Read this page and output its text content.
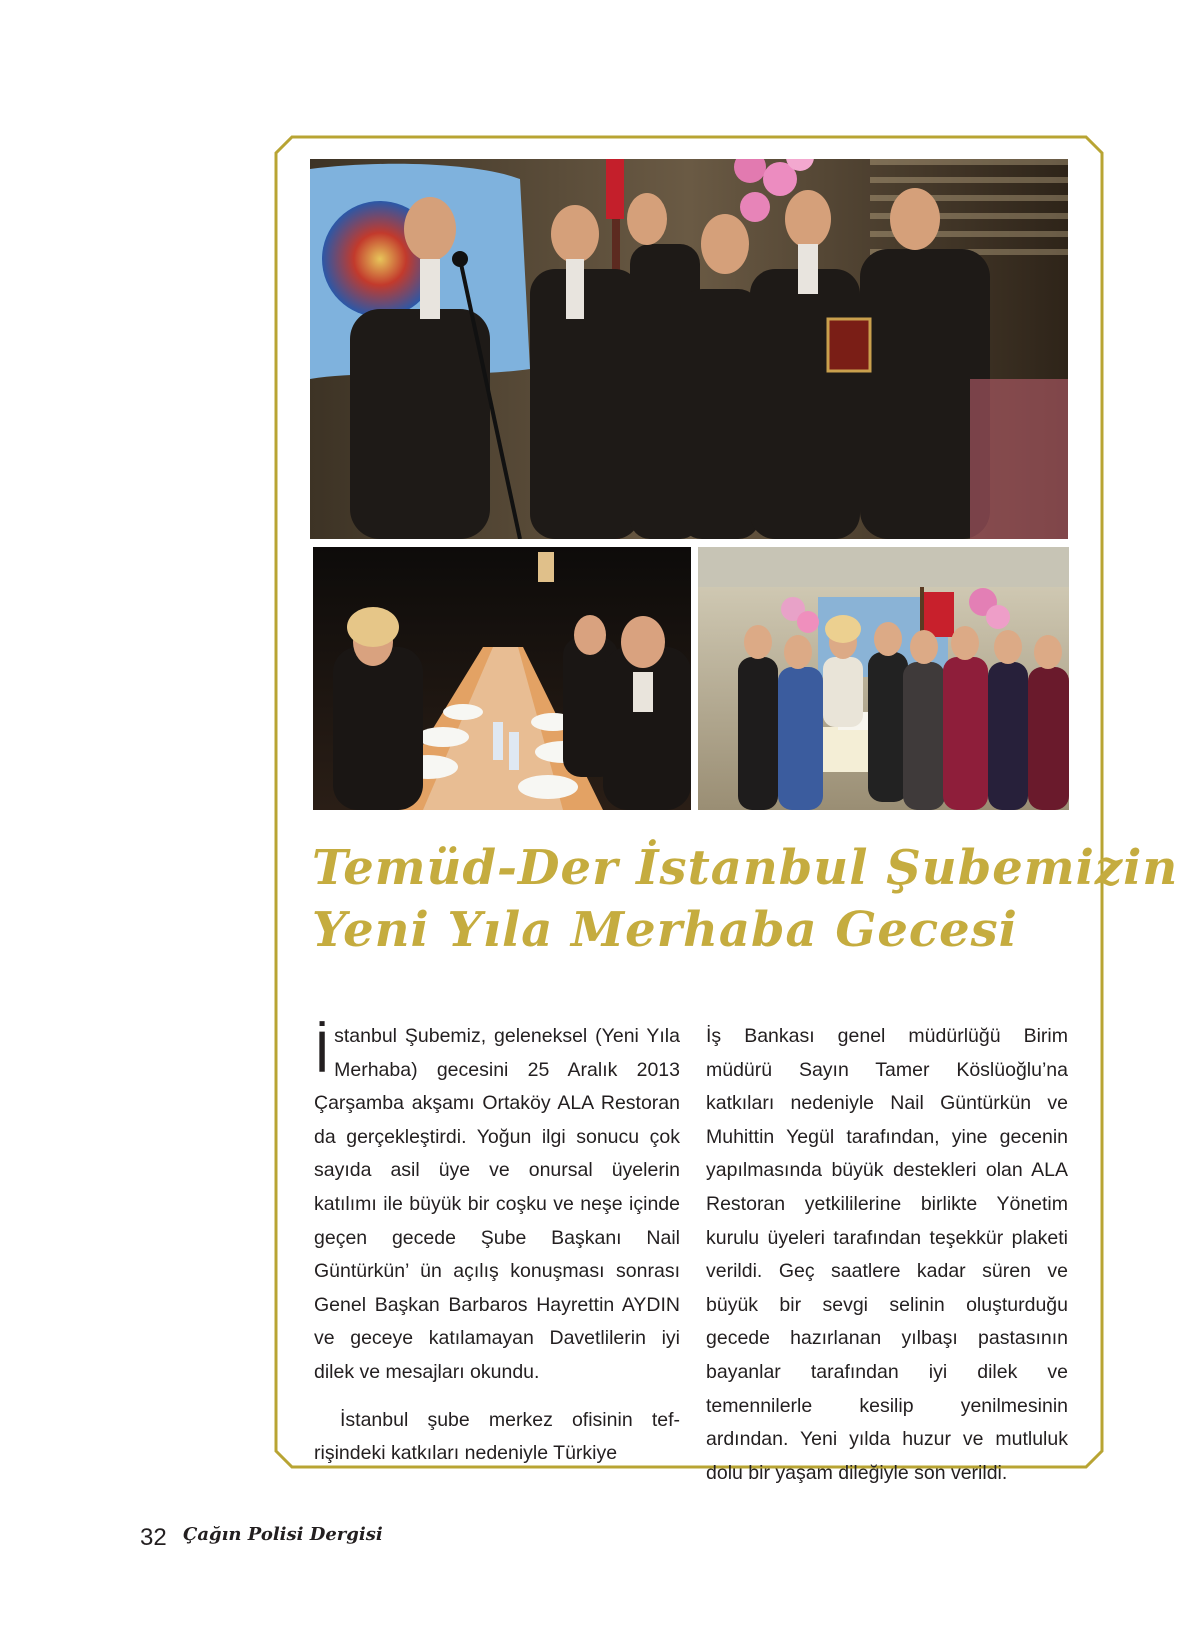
Temüd-Der İstanbul Şubemizin
Yeni Yıla Merhaba Gecesi

İstanbul Şubemiz, geleneksel (Yeni Yıla Merhaba) gecesini 25 Aralık 2013 Çarşamba akşamı Ortaköy ALA Restoran da gerçekleştirdi. Yoğun ilgi sonucu çok sayıda asil üye ve onursal üyelerin katılımı ile büyük bir coşku ve neşe içinde geçen gecede Şube Başkanı Nail Güntürkün’ ün açılış konuşması sonrası Genel Başkan Barbaros Hayrettin AYDIN ve geceye katılamayan Davetlilerin iyi dilek ve mesajları okundu.

İstanbul şube merkez ofisinin tefrişindeki katkıları nedeniyle Türkiye

İş Bankası genel müdürlüğü Birim müdürü Sayın Tamer Köslüoğlu’na katkıları nedeniyle Nail Güntürkün ve Muhittin Yegül tarafından, yine gecenin yapılmasında büyük destekleri olan ALA Restoran yetkililerine birlikte Yönetim kurulu üyeleri tarafından teşekkür plaketi verildi. Geç saatlere kadar süren ve büyük bir sevgi selinin oluşturduğu gecede hazırlanan yılbaşı pastasının bayanlar tarafından iyi dilek ve temennilerle kesilip yenilmesinin ardından. Yeni yılda huzur ve mutluluk dolu bir yaşam dileğiyle son verildi.

32 Çağın Polisi Dergisi
